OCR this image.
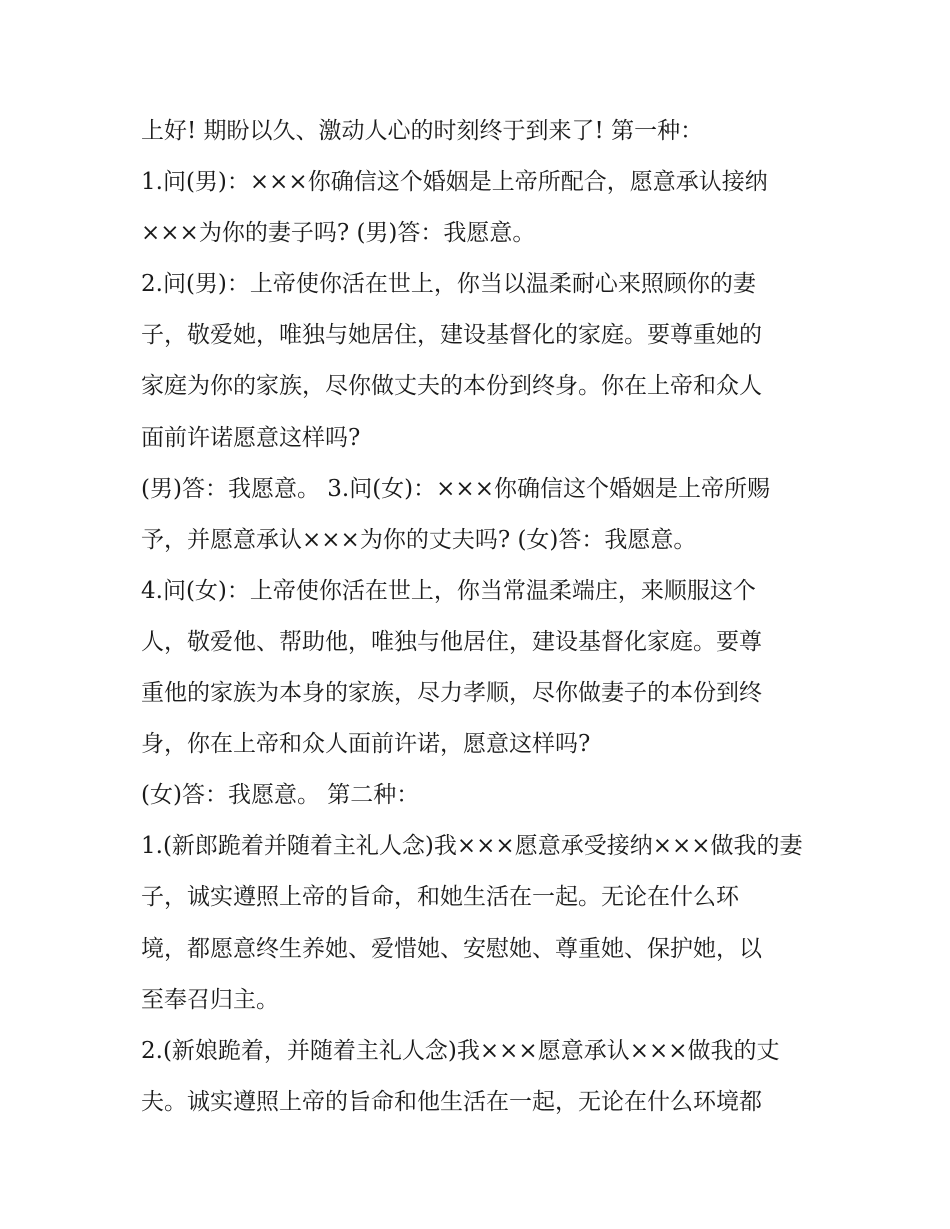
上好! 期盼以久、激动人心的时刻终于到来了! 第一种：
1.问(男)：×××你确信这个婚姻是上帝所配合，愿意承认接纳
×××为你的妻子吗? (男)答：我愿意。
2.问(男)：上帝使你活在世上，你当以温柔耐心来照顾你的妻
子，敬爱她，唯独与她居住，建设基督化的家庭。要尊重她的
家庭为你的家族，尽你做丈夫的本份到终身。你在上帝和众人
面前许诺愿意这样吗?
(男)答：我愿意。 3.问(女)：×××你确信这个婚姻是上帝所赐
予，并愿意承认×××为你的丈夫吗? (女)答：我愿意。
4.问(女)：上帝使你活在世上，你当常温柔端庄，来顺服这个
人，敬爱他、帮助他，唯独与他居住，建设基督化家庭。要尊
重他的家族为本身的家族，尽力孝顺，尽你做妻子的本份到终
身，你在上帝和众人面前许诺，愿意这样吗?
(女)答：我愿意。 第二种：
1.(新郎跪着并随着主礼人念)我×××愿意承受接纳×××做我的妻
子，诚实遵照上帝的旨命，和她生活在一起。无论在什么环
境，都愿意终生养她、爱惜她、安慰她、尊重她、保护她，以
至奉召归主。
2.(新娘跪着，并随着主礼人念)我×××愿意承认×××做我的丈
夫。诚实遵照上帝的旨命和他生活在一起，无论在什么环境都
